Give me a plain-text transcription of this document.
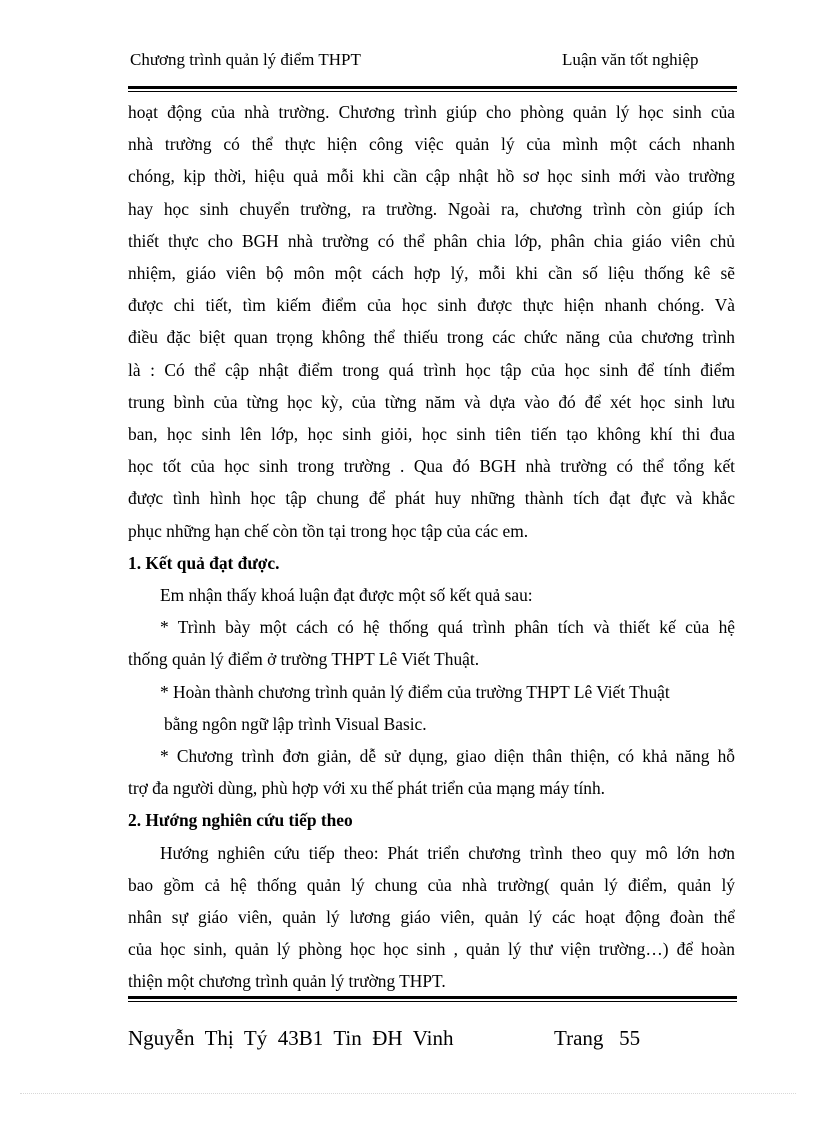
Chương trình quản lý điểm THPT	Luận văn tốt nghiệp

hoạt động của nhà trường. Chương trình giúp cho phòng quản lý học sinh của

nhà trường có thể thực hiện công việc quản lý của mình một cách nhanh

chóng, kịp thời, hiệu quả mỗi khi cần cập nhật hồ sơ học sinh mới vào trường

hay học sinh chuyển trường, ra trường. Ngoài ra, chương trình còn giúp ích

thiết thực cho BGH nhà trường có thể phân chia lớp, phân chia giáo viên chủ

nhiệm, giáo viên bộ môn một cách hợp lý, mỗi khi cần số liệu thống kê sẽ

được chi tiết, tìm kiếm điểm của học sinh được thực hiện nhanh chóng. Và

điều đặc biệt quan trọng không thể thiếu trong các chức năng của chương trình

là : Có thể cập nhật điểm trong quá trình học tập của học sinh để tính điểm

trung bình của từng học kỳ, của từng năm và dựa vào đó để xét học sinh lưu

ban, học sinh lên lớp, học sinh giỏi, học sinh tiên tiến tạo không khí thi đua

học tốt của học sinh trong trường . Qua đó BGH nhà trường có thể tổng kết

được tình hình học tập chung để phát huy những thành tích đạt đực và khắc

phục những hạn chế còn tồn tại trong học tập của các em.

1. Kết quả đạt được.

Em nhận thấy khoá luận đạt được một số kết quả sau:

* Trình bày một cách có hệ thống quá trình phân tích và thiết kế của hệ

thống quản lý điểm ở trường THPT Lê Viết Thuật.

* Hoàn thành chương trình quản lý điểm của trường THPT Lê Viết Thuật

bằng ngôn ngữ lập trình Visual Basic.

* Chương trình đơn giản, dễ sử dụng, giao diện thân thiện, có khả năng hỗ

trợ đa người dùng, phù hợp với xu thế phát triển của mạng máy tính.

2. Hướng nghiên cứu tiếp theo

Hướng nghiên cứu tiếp theo: Phát triển chương trình theo quy mô lớn hơn

bao gồm cả hệ thống quản lý chung của nhà trường( quản lý điểm, quản lý

nhân sự giáo viên, quản lý lương giáo viên, quản lý các hoạt động đoàn thể

của học sinh, quản lý phòng học học sinh , quản lý thư viện trường…) để hoàn

thiện một chương trình quản lý trường THPT.

Nguyễn  Thị  Tý  43B1  Tin  ĐH  Vinh	Trang   55
